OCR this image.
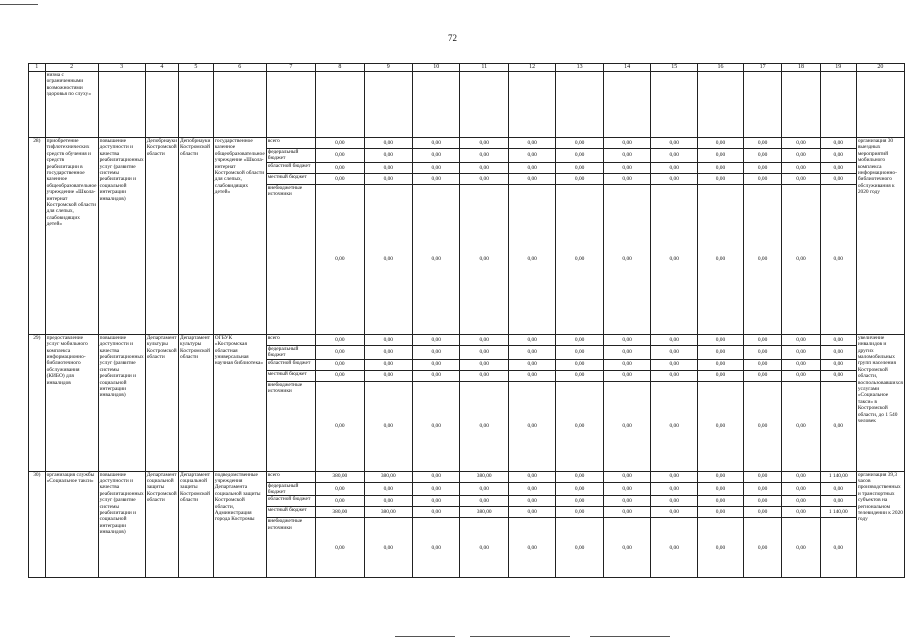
72
1	2	3	4	5	6	7	8	9	10	11	12	13	14	15	16	17	18	19	20
	низма с ограниченными возможностями здоровья по слуху»																		
28)	приобретение тифлотехнических средств обучения и средств реабилитации в государственное казенное общеобразовательное учреждение «Школа-интернат Костромской области для слепых, слабовидящих детей»	повышение доступности и качества реабилитационных услуг (развитие системы реабилитации и социальной интеграции инвалидов)	Депобрнауки Костромской области	Депобрнауки Костромской области	государственное казенное общеобразовательное учреждение «Школа-интернат Костромской области для слепых, слабовидящих детей»	всего	0,00	0,00	0,00	0,00	0,00	0,00	0,00	0,00	0,00	0,00	0,00	0,00	организация 30 выездных мероприятий мобильного комплекса информационно-библиотечного обслуживания к 2020 году
						федеральный бюджет	0,00	0,00	0,00	0,00	0,00	0,00	0,00	0,00	0,00	0,00	0,00	0,00	
						областной бюджет	0,00	0,00	0,00	0,00	0,00	0,00	0,00	0,00	0,00	0,00	0,00	0,00	
						местный бюджет	0,00	0,00	0,00	0,00	0,00	0,00	0,00	0,00	0,00	0,00	0,00	0,00	
						внебюджетные источники	0,00	0,00	0,00	0,00	0,00	0,00	0,00	0,00	0,00	0,00	0,00	0,00	
29)	предоставление услуг мобильного комплекса информационно-библиотечного обслуживания (КИБО) для инвалидов	повышение доступности и качества реабилитационных услуг (развитие системы реабилитации и социальной интеграции инвалидов)	Департамент культуры Костромской области	Департамент культуры Костромской области	ОГБУК «Костромская областная универсальная научная библиотека»	всего	0,00	0,00	0,00	0,00	0,00	0,00	0,00	0,00	0,00	0,00	0,00	0,00	увеличение инвалидов и других маломобильных групп населения Костромской области, воспользовавшихся услугами «Социальное такси» в Костромской области, до 1 540 человек
						федеральный бюджет	0,00	0,00	0,00	0,00	0,00	0,00	0,00	0,00	0,00	0,00	0,00	0,00	
						областной бюджет	0,00	0,00	0,00	0,00	0,00	0,00	0,00	0,00	0,00	0,00	0,00	0,00	
						местный бюджет	0,00	0,00	0,00	0,00	0,00	0,00	0,00	0,00	0,00	0,00	0,00	0,00	
						внебюджетные источники	0,00	0,00	0,00	0,00	0,00	0,00	0,00	0,00	0,00	0,00	0,00	0,00	
30)	организация службы «Социальное такси»	повышение доступности и качества реабилитационных услуг (развитие системы реабилитации и социальной интеграции инвалидов)	Департамент социальной защиты Костромской области	Департамент социальной защиты Костромской области	подведомственные учреждения Департамента социальной защиты Костромской области, Администрация города Костромы	всего	380,00	380,00	0,00	380,00	0,00	0,00	0,00	0,00	0,00	0,00	0,00	1 140,00	организация 39,3 часов производственных и транспортных субъектов на региональном телевидении к 2020 году
						федеральный бюджет	0,00	0,00	0,00	0,00	0,00	0,00	0,00	0,00	0,00	0,00	0,00	0,00	
						областной бюджет	0,00	0,00	0,00	0,00	0,00	0,00	0,00	0,00	0,00	0,00	0,00	0,00	
						местный бюджет	380,00	380,00	0,00	380,00	0,00	0,00	0,00	0,00	0,00	0,00	0,00	1 140,00	
						внебюджетные источники	0,00	0,00	0,00	0,00	0,00	0,00	0,00	0,00	0,00	0,00	0,00	0,00	
